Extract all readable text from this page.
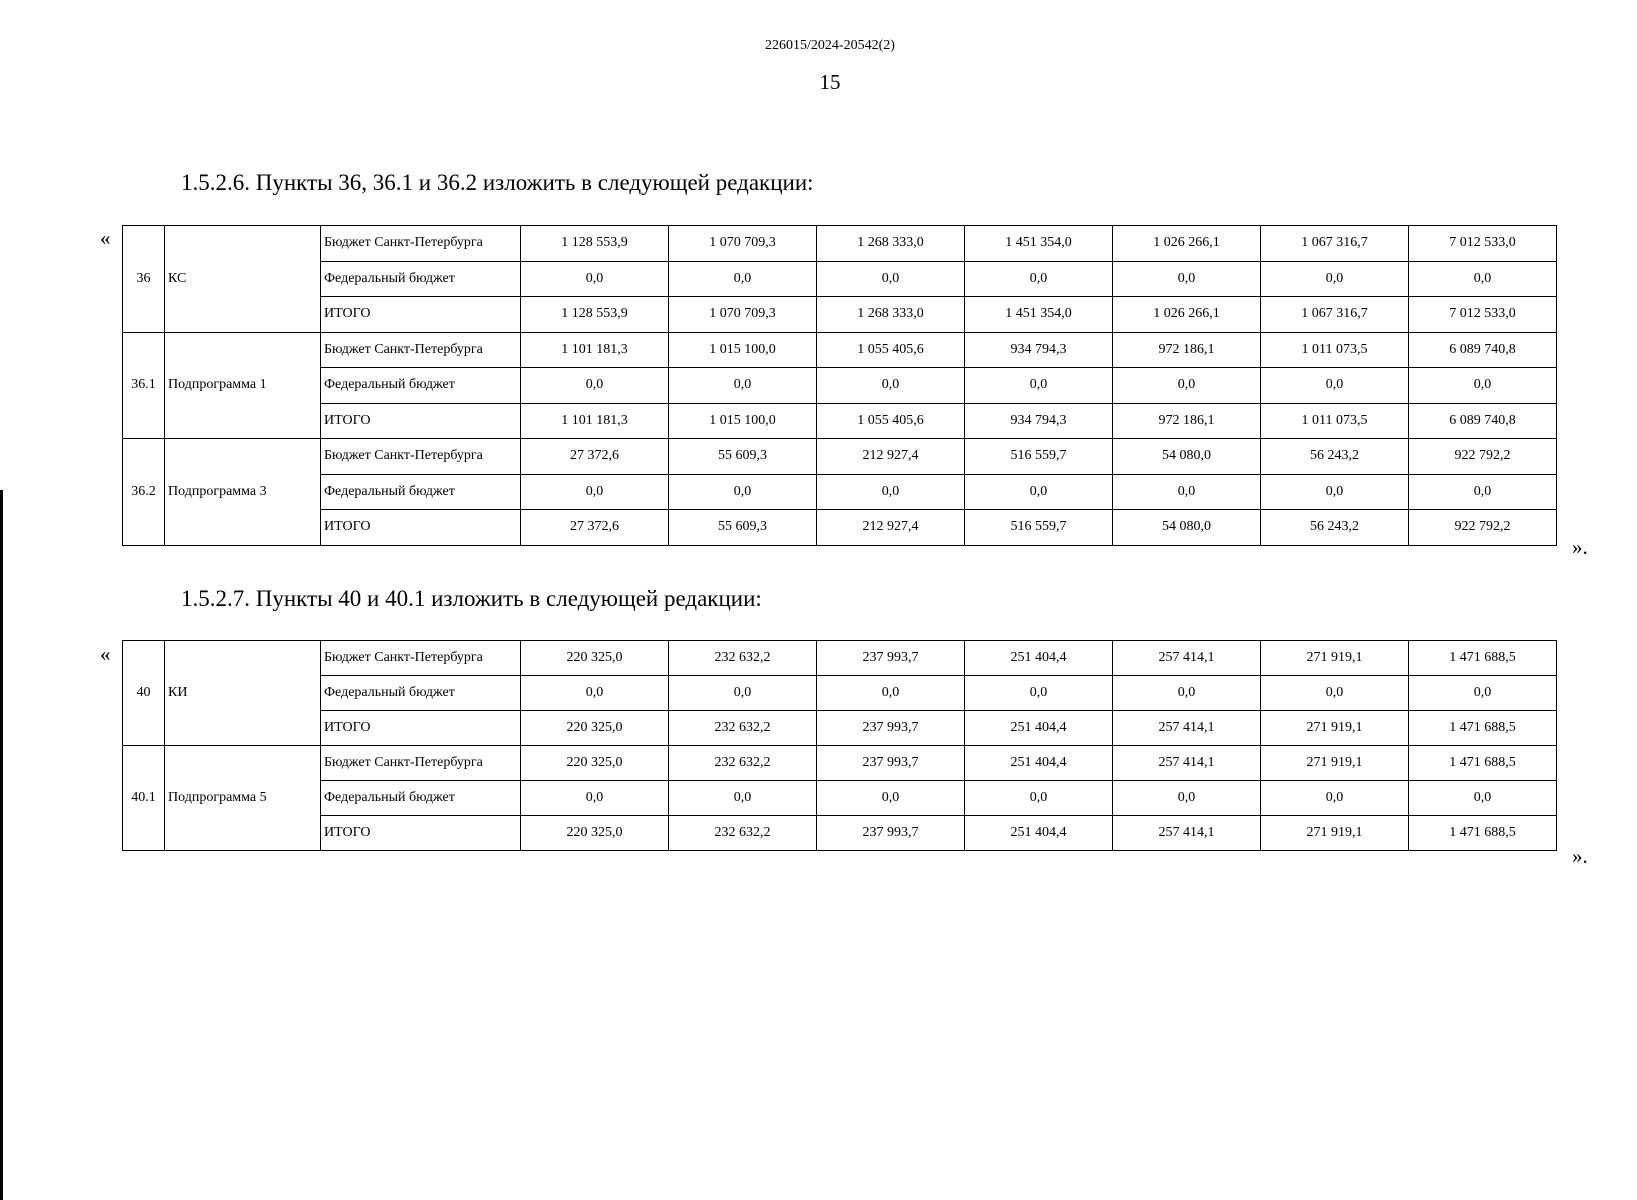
226015/2024-20542(2)
15
1.5.2.6. Пункты 36, 36.1 и 36.2 изложить в следующей редакции:
«
36	КС	Бюджет Санкт-Петербурга	1 128 553,9	1 070 709,3	1 268 333,0	1 451 354,0	1 026 266,1	1 067 316,7	7 012 533,0
		Федеральный бюджет	0,0	0,0	0,0	0,0	0,0	0,0	0,0
		ИТОГО	1 128 553,9	1 070 709,3	1 268 333,0	1 451 354,0	1 026 266,1	1 067 316,7	7 012 533,0
36.1	Подпрограмма 1	Бюджет Санкт-Петербурга	1 101 181,3	1 015 100,0	1 055 405,6	934 794,3	972 186,1	1 011 073,5	6 089 740,8
		Федеральный бюджет	0,0	0,0	0,0	0,0	0,0	0,0	0,0
		ИТОГО	1 101 181,3	1 015 100,0	1 055 405,6	934 794,3	972 186,1	1 011 073,5	6 089 740,8
36.2	Подпрограмма 3	Бюджет Санкт-Петербурга	27 372,6	55 609,3	212 927,4	516 559,7	54 080,0	56 243,2	922 792,2
		Федеральный бюджет	0,0	0,0	0,0	0,0	0,0	0,0	0,0
		ИТОГО	27 372,6	55 609,3	212 927,4	516 559,7	54 080,0	56 243,2	922 792,2
».
1.5.2.7. Пункты 40 и 40.1 изложить в следующей редакции:
«
40	КИ	Бюджет Санкт-Петербурга	220 325,0	232 632,2	237 993,7	251 404,4	257 414,1	271 919,1	1 471 688,5
		Федеральный бюджет	0,0	0,0	0,0	0,0	0,0	0,0	0,0
		ИТОГО	220 325,0	232 632,2	237 993,7	251 404,4	257 414,1	271 919,1	1 471 688,5
40.1	Подпрограмма 5	Бюджет Санкт-Петербурга	220 325,0	232 632,2	237 993,7	251 404,4	257 414,1	271 919,1	1 471 688,5
		Федеральный бюджет	0,0	0,0	0,0	0,0	0,0	0,0	0,0
		ИТОГО	220 325,0	232 632,2	237 993,7	251 404,4	257 414,1	271 919,1	1 471 688,5
».
